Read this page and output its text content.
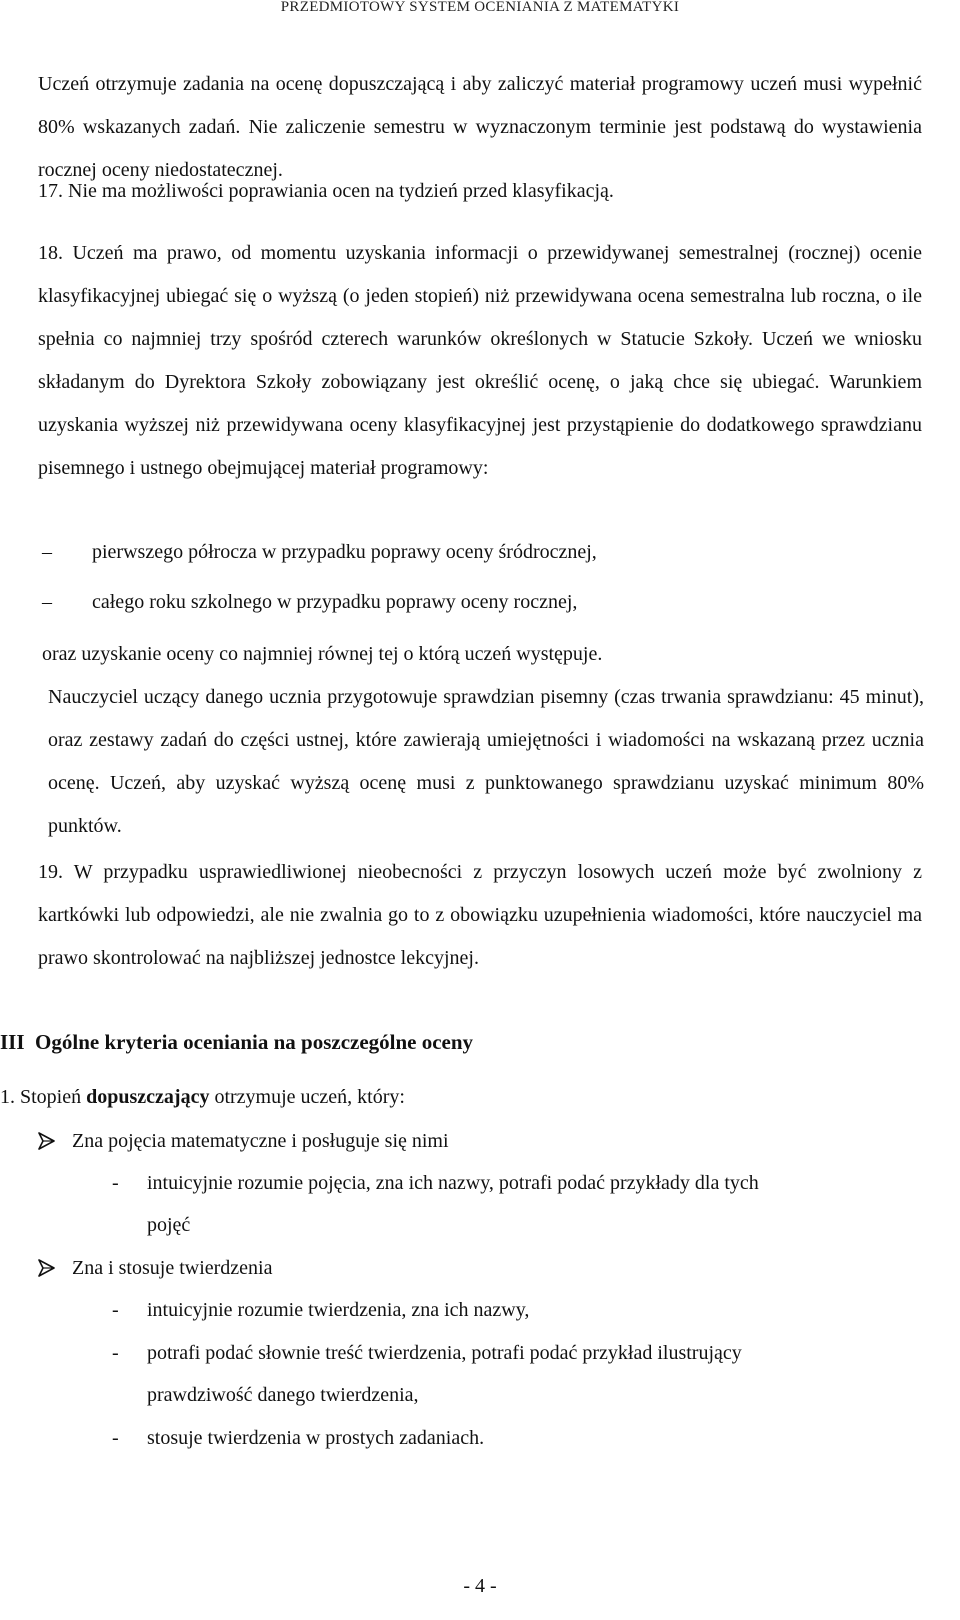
PRZEDMIOTOWY SYSTEM OCENIANIA Z MATEMATYKI

Uczeń otrzymuje zadania na ocenę dopuszczającą i aby zaliczyć materiał programowy uczeń musi wypełnić 80% wskazanych zadań. Nie zaliczenie semestru w wyznaczonym terminie jest podstawą do wystawienia rocznej oceny niedostatecznej.

17. Nie ma możliwości poprawiania ocen na tydzień przed klasyfikacją.

18. Uczeń ma prawo, od momentu uzyskania informacji o przewidywanej semestralnej (rocznej) ocenie klasyfikacyjnej ubiegać się o wyższą (o jeden stopień) niż przewidywana ocena semestralna lub roczna, o ile spełnia co najmniej trzy spośród czterech warunków określonych w Statucie Szkoły. Uczeń we wniosku składanym do Dyrektora Szkoły zobowiązany jest określić ocenę, o jaką chce się ubiegać. Warunkiem uzyskania wyższej niż przewidywana oceny klasyfikacyjnej jest przystąpienie do dodatkowego sprawdzianu pisemnego i ustnego obejmującej materiał programowy:

– pierwszego półrocza w przypadku poprawy oceny śródrocznej,
– całego roku szkolnego w przypadku poprawy oceny rocznej,
oraz uzyskanie oceny co najmniej równej tej o którą uczeń występuje.

Nauczyciel uczący danego ucznia przygotowuje sprawdzian pisemny (czas trwania sprawdzianu: 45 minut), oraz zestawy zadań do części ustnej, które zawierają umiejętności i wiadomości na wskazaną przez ucznia ocenę. Uczeń, aby uzyskać wyższą ocenę musi z punktowanego sprawdzianu uzyskać minimum 80% punktów.

19. W przypadku usprawiedliwionej nieobecności z przyczyn losowych uczeń może być zwolniony z kartkówki lub odpowiedzi, ale nie zwalnia go to z obowiązku uzupełnienia wiadomości, które nauczyciel ma prawo skontrolować na najbliższej jednostce lekcyjnej.

III Ogólne kryteria oceniania na poszczególne oceny
1. Stopień dopuszczający otrzymuje uczeń, który:
Zna pojęcia matematyczne i posługuje się nimi
- intuicyjnie rozumie pojęcia, zna ich nazwy, potrafi podać przykłady dla tych
pojęć
Zna i stosuje twierdzenia
- intuicyjnie rozumie twierdzenia, zna ich nazwy,
- potrafi podać słownie treść twierdzenia, potrafi podać przykład ilustrujący
prawdziwość danego twierdzenia,
- stosuje twierdzenia w prostych zadaniach.
- 4 -
